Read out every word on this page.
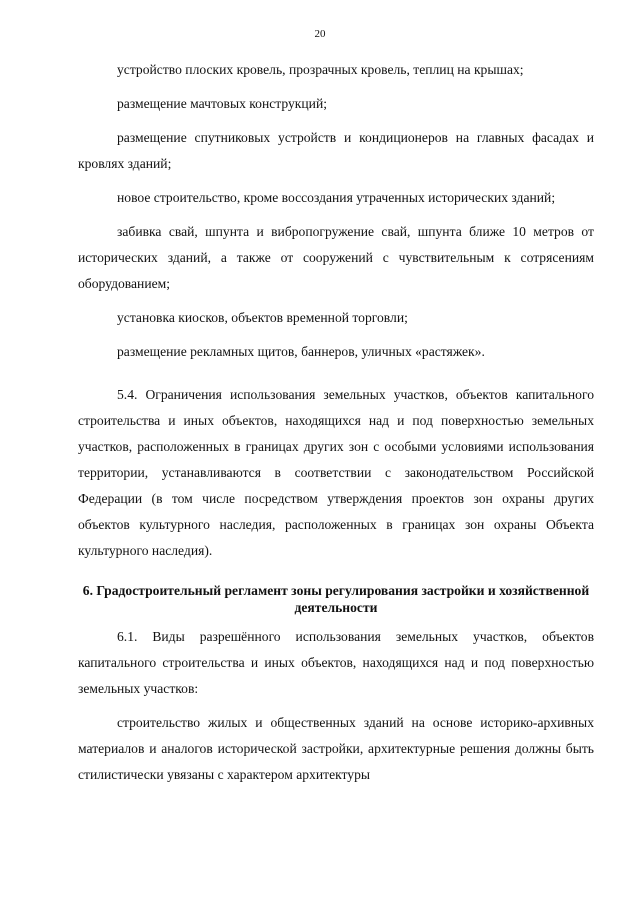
20

устройство плоских кровель, прозрачных кровель, теплиц на крышах;

размещение мачтовых конструкций;

размещение спутниковых устройств и кондиционеров на главных фасадах и кровлях зданий;

новое строительство, кроме воссоздания утраченных исторических зданий;

забивка свай, шпунта и вибропогружение свай, шпунта ближе 10 метров от исторических зданий, а также от сооружений с чувствительным к сотрясениям оборудованием;

установка киосков, объектов временной торговли;

размещение рекламных щитов, баннеров, уличных «растяжек».

5.4. Ограничения использования земельных участков, объектов капитального строительства и иных объектов, находящихся над и под поверхностью земельных участков, расположенных в границах других зон с особыми условиями использования территории, устанавливаются в соответствии с законодательством Российской Федерации (в том числе посредством утверждения проектов зон охраны других объектов культурного наследия, расположенных в границах зон охраны Объекта культурного наследия).

6. Градостроительный регламент зоны регулирования застройки и хозяйственной деятельности

6.1. Виды разрешённого использования земельных участков, объектов капитального строительства и иных объектов, находящихся над и под поверхностью земельных участков:

строительство жилых и общественных зданий на основе историко-архивных материалов и аналогов исторической застройки, архитектурные решения должны быть стилистически увязаны с характером архитектуры
